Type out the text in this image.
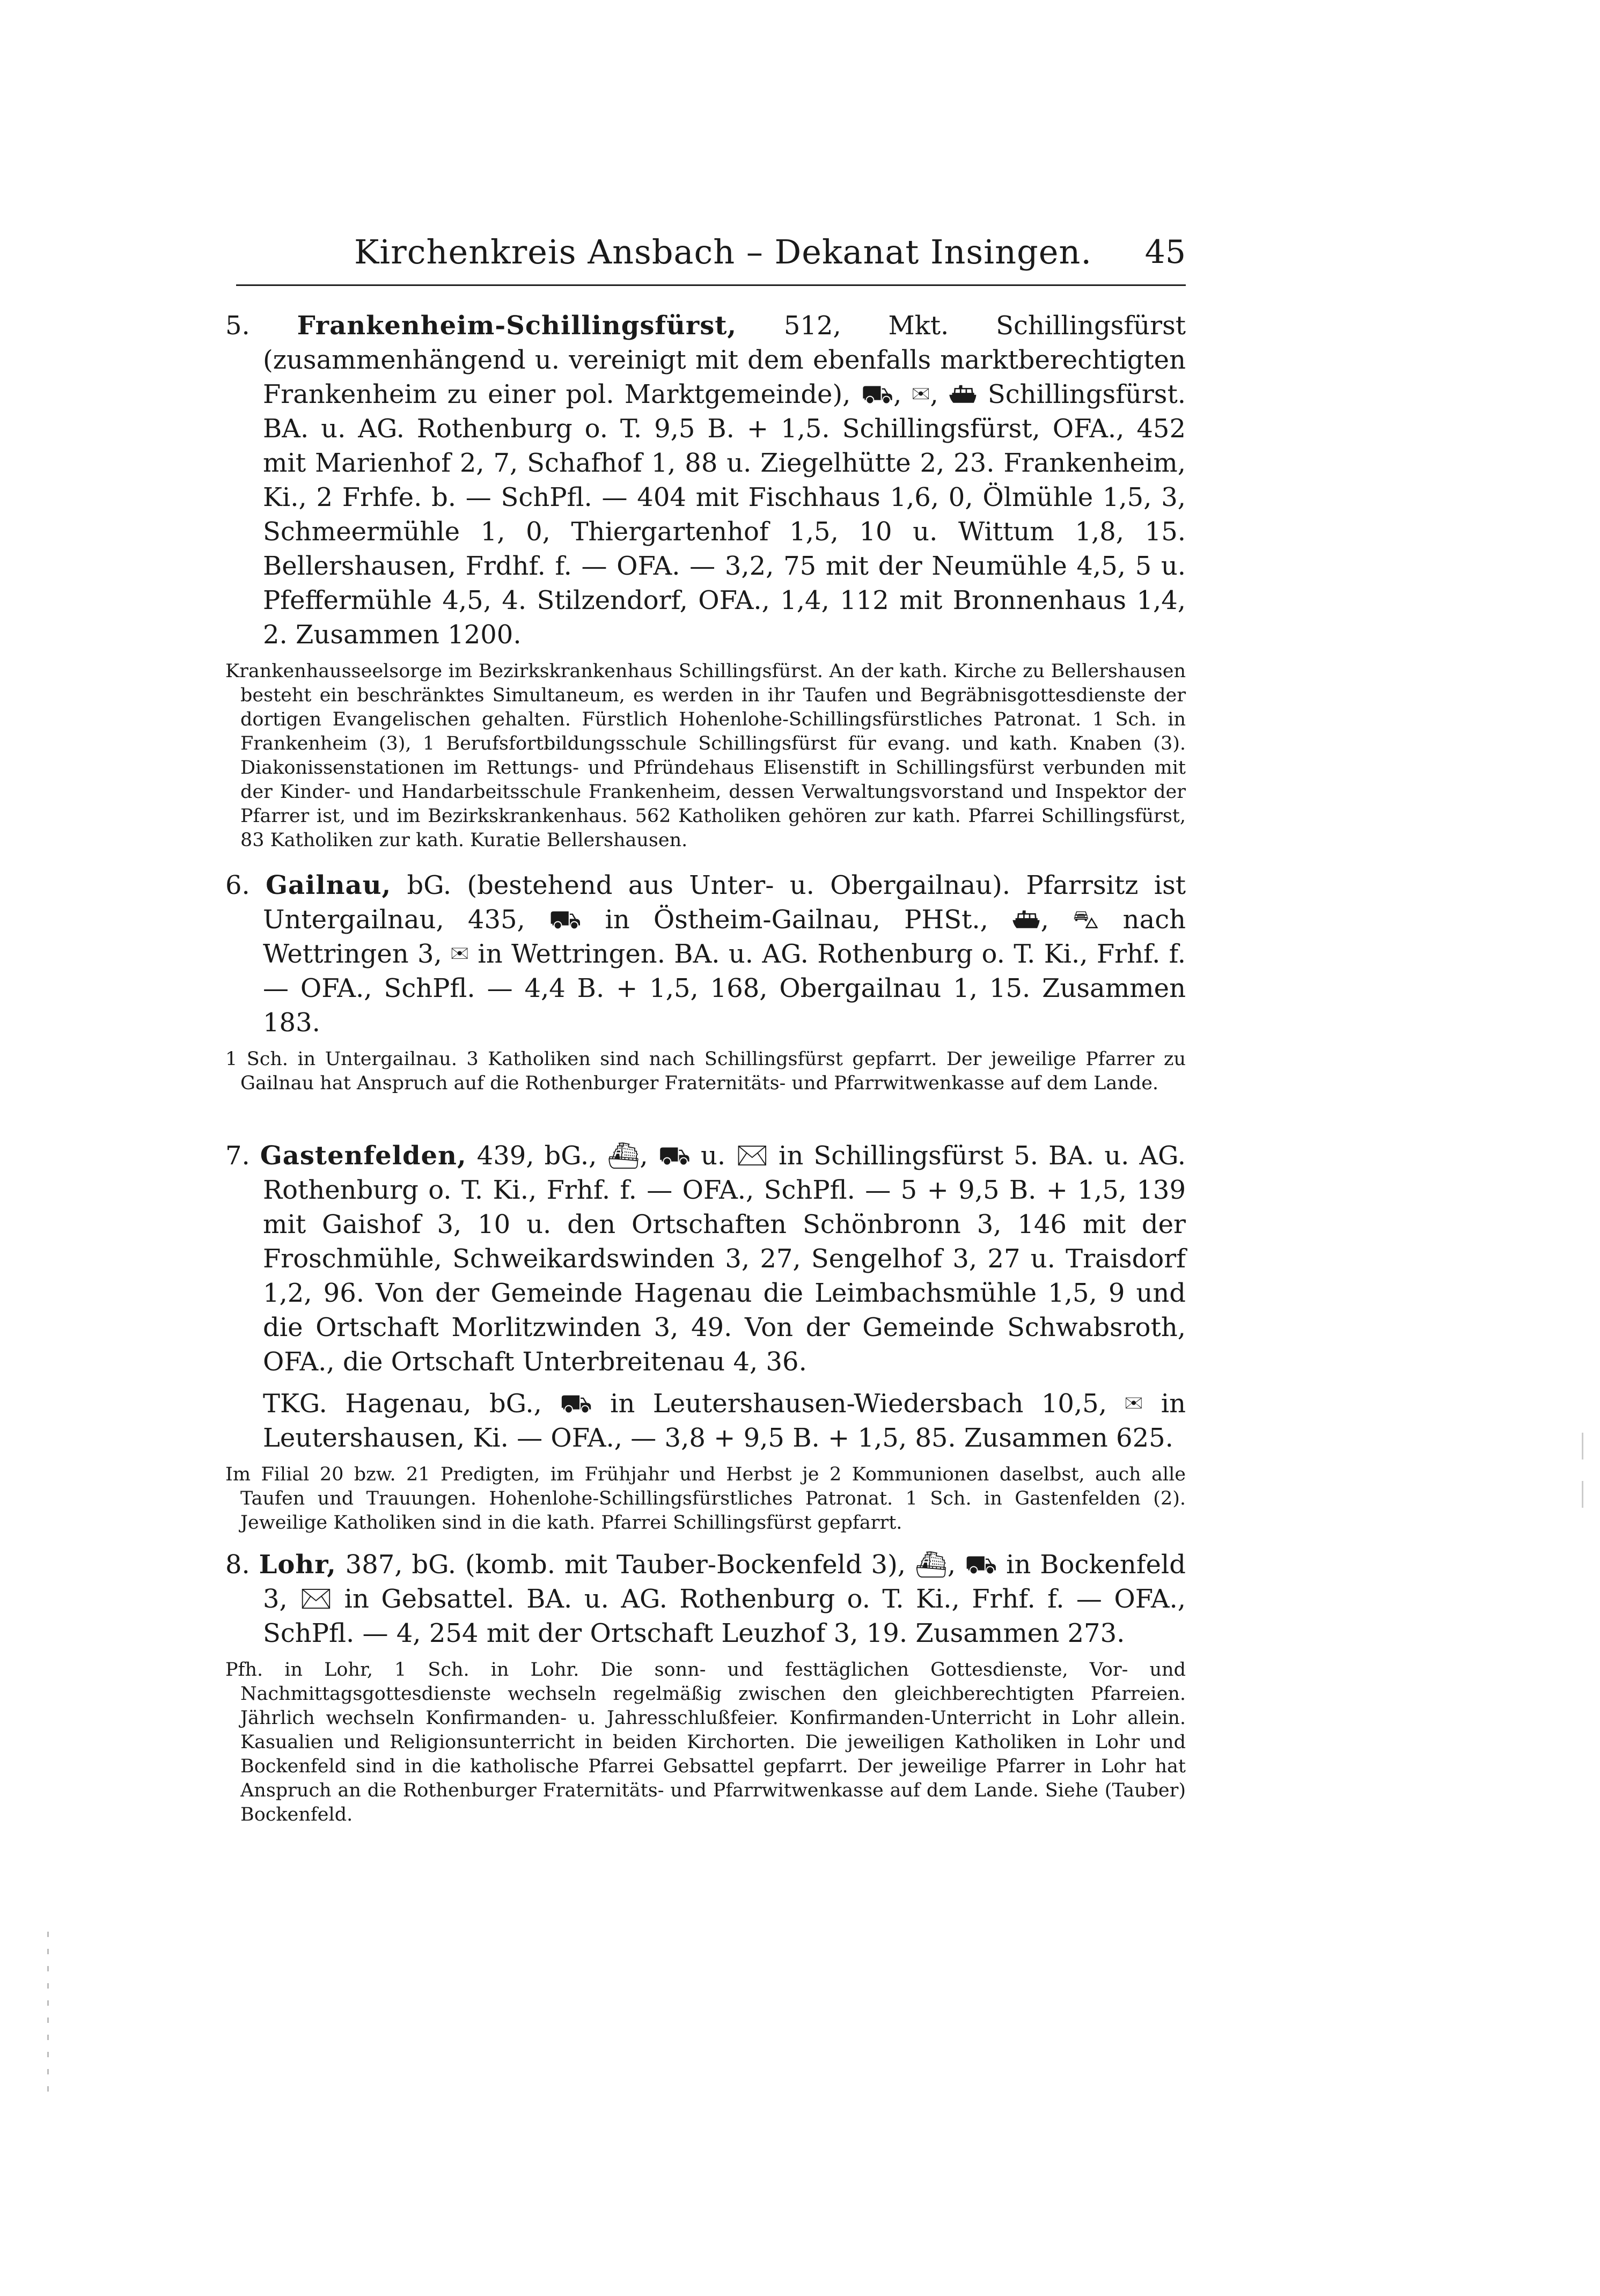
Kirchenkreis Ansbach – Dekanat Insingen. 45
5. Frankenheim-Schillingsfürst, 512, Mkt. Schillingsfürst (zusammenhängend u. vereinigt mit dem ebenfalls marktberechtigten Frankenheim zu einer pol. Marktgemeinde), ⛟, ✉, ⛴ Schillingsfürst. BA. u. AG. Rothenburg o. T. 9,5 B. + 1,5. Schillingsfürst, OFA., 452 mit Marienhof 2, 7, Schafhof 1, 88 u. Ziegelhütte 2, 23. Frankenheim, Ki., 2 Frhfe. b. — SchPfl. — 404 mit Fischhaus 1,6, 0, Ölmühle 1,5, 3, Schmeermühle 1, 0, Thiergartenhof 1,5, 10 u. Wittum 1,8, 15. Bellershausen, Frdhf. f. — OFA. — 3,2, 75 mit der Neumühle 4,5, 5 u. Pfeffermühle 4,5, 4. Stilzendorf, OFA., 1,4, 112 mit Bronnenhaus 1,4, 2. Zusammen 1200.
Krankenhausseelsorge im Bezirkskrankenhaus Schillingsfürst. An der kath. Kirche zu Bellershausen besteht ein beschränktes Simultaneum, es werden in ihr Taufen und Begräbnisgottesdienste der dortigen Evangelischen gehalten. Fürstlich Hohenlohe-Schillingsfürstliches Patronat. 1 Sch. in Frankenheim (3), 1 Berufsfortbildungsschule Schillingsfürst für evang. und kath. Knaben (3). Diakonissenstationen im Rettungs- und Pfründehaus Elisenstift in Schillingsfürst verbunden mit der Kinder- und Handarbeitsschule Frankenheim, dessen Verwaltungsvorstand und Inspektor der Pfarrer ist, und im Bezirkskrankenhaus. 562 Katholiken gehören zur kath. Pfarrei Schillingsfürst, 83 Katholiken zur kath. Kuratie Bellershausen.
6. Gailnau, bG. (bestehend aus Unter- u. Obergailnau). Pfarrsitz ist Untergailnau, 435, ⛟ in Östheim-Gailnau, PHSt., ⛴, ⛍ nach Wettringen 3, ✉ in Wettringen. BA. u. AG. Rothenburg o. T. Ki., Frhf. f. — OFA., SchPfl. — 4,4 B. + 1,5, 168, Obergailnau 1, 15. Zusammen 183.
1 Sch. in Untergailnau. 3 Katholiken sind nach Schillingsfürst gepfarrt. Der jeweilige Pfarrer zu Gailnau hat Anspruch auf die Rothenburger Fraternitäts- und Pfarrwitwenkasse auf dem Lande.
7. Gastenfelden, 439, bG., ⛴, ⛟ u. ✉ in Schillingsfürst 5. BA. u. AG. Rothenburg o. T. Ki., Frhf. f. — OFA., SchPfl. — 5 + 9,5 B. + 1,5, 139 mit Gaishof 3, 10 u. den Ortschaften Schönbronn 3, 146 mit der Froschmühle, Schweikardswinden 3, 27, Sengelhof 3, 27 u. Traisdorf 1,2, 96. Von der Gemeinde Hagenau die Leimbachsmühle 1,5, 9 und die Ortschaft Morlitzwinden 3, 49. Von der Gemeinde Schwabsroth, OFA., die Ortschaft Unterbreitenau 4, 36.
TKG. Hagenau, bG., ⛟ in Leutershausen-Wiedersbach 10,5, ✉ in Leutershausen, Ki. — OFA., — 3,8 + 9,5 B. + 1,5, 85. Zusammen 625.
Im Filial 20 bzw. 21 Predigten, im Frühjahr und Herbst je 2 Kommunionen daselbst, auch alle Taufen und Trauungen. Hohenlohe-Schillingsfürstliches Patronat. 1 Sch. in Gastenfelden (2). Jeweilige Katholiken sind in die kath. Pfarrei Schillingsfürst gepfarrt.
8. Lohr, 387, bG. (komb. mit Tauber-Bockenfeld 3), ⛴, ⛟ in Bockenfeld 3, ✉ in Gebsattel. BA. u. AG. Rothenburg o. T. Ki., Frhf. f. — OFA., SchPfl. — 4, 254 mit der Ortschaft Leuzhof 3, 19. Zusammen 273.
Pfh. in Lohr, 1 Sch. in Lohr. Die sonn- und festtäglichen Gottesdienste, Vor- und Nachmittagsgottesdienste wechseln regelmäßig zwischen den gleichberechtigten Pfarreien. Jährlich wechseln Konfirmanden- u. Jahresschlußfeier. Konfirmanden-Unterricht in Lohr allein. Kasualien und Religionsunterricht in beiden Kirchorten. Die jeweiligen Katholiken in Lohr und Bockenfeld sind in die katholische Pfarrei Gebsattel gepfarrt. Der jeweilige Pfarrer in Lohr hat Anspruch an die Rothenburger Fraternitäts- und Pfarrwitwenkasse auf dem Lande. Siehe (Tauber) Bockenfeld.
